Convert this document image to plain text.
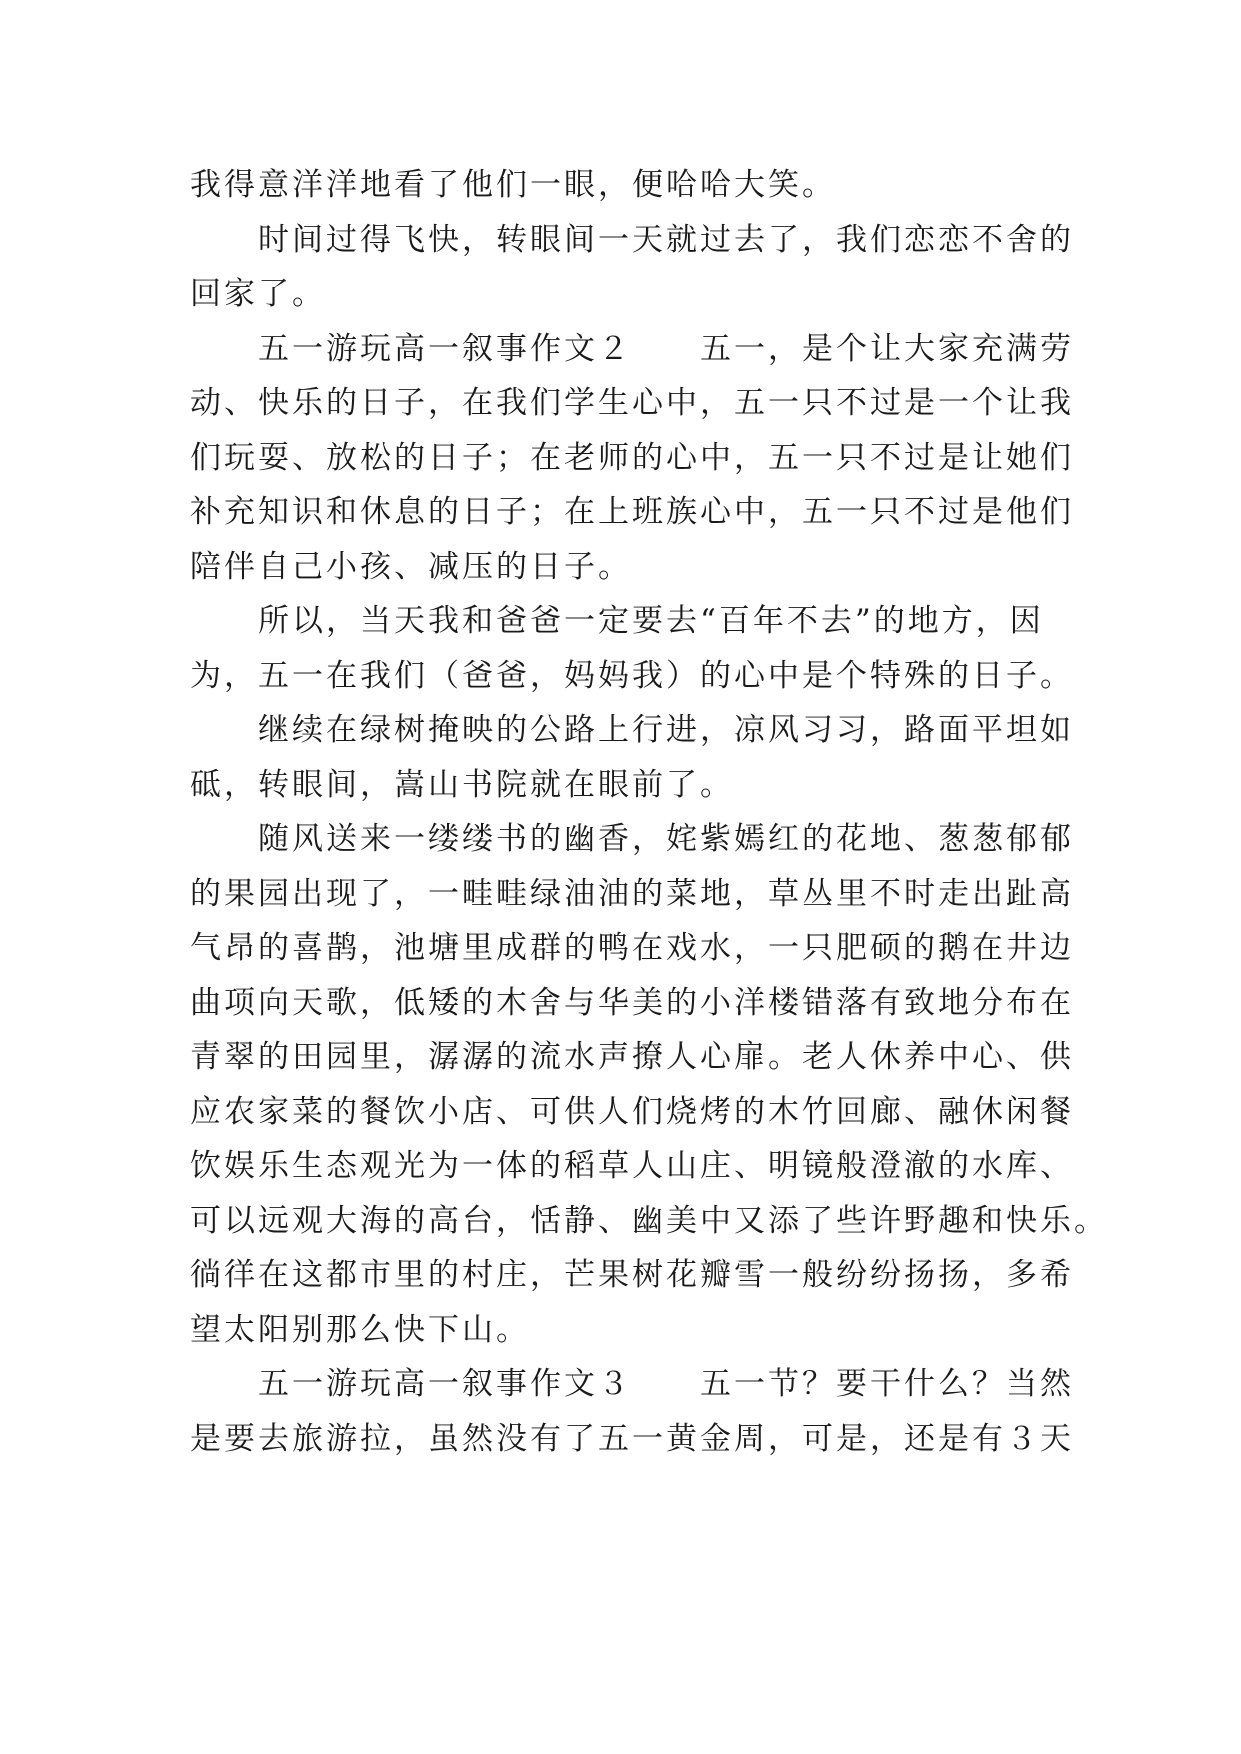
我得意洋洋地看了他们一眼，便哈哈大笑。
时间过得飞快，转眼间一天就过去了，我们恋恋不舍的
回家了。
五一游玩高一叙事作文２　　五一，是个让大家充满劳
动、快乐的日子，在我们学生心中，五一只不过是一个让我
们玩耍、放松的日子；在老师的心中，五一只不过是让她们
补充知识和休息的日子；在上班族心中，五一只不过是他们
陪伴自己小孩、减压的日子。
所以，当天我和爸爸一定要去“百年不去”的地方，因
为，五一在我们（爸爸，妈妈我）的心中是个特殊的日子。
继续在绿树掩映的公路上行进，凉风习习，路面平坦如
砥，转眼间，嵩山书院就在眼前了。
随风送来一缕缕书的幽香，姹紫嫣红的花地、葱葱郁郁
的果园出现了，一畦畦绿油油的菜地，草丛里不时走出趾高
气昂的喜鹊，池塘里成群的鸭在戏水，一只肥硕的鹅在井边
曲项向天歌，低矮的木舍与华美的小洋楼错落有致地分布在
青翠的田园里，潺潺的流水声撩人心扉。老人休养中心、供
应农家菜的餐饮小店、可供人们烧烤的木竹回廊、融休闲餐
饮娱乐生态观光为一体的稻草人山庄、明镜般澄澈的水库、
可以远观大海的高台，恬静、幽美中又添了些许野趣和快乐。
徜徉在这都市里的村庄，芒果树花瓣雪一般纷纷扬扬，多希
望太阳别那么快下山。
五一游玩高一叙事作文３　　五一节？要干什么？当然
是要去旅游拉，虽然没有了五一黄金周，可是，还是有３天
